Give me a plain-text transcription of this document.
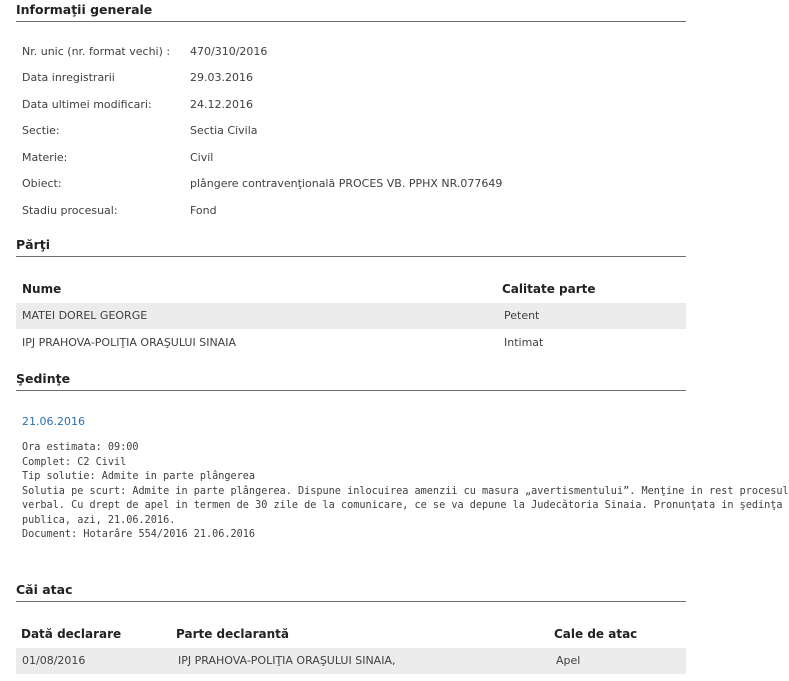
Informaţii generale
Nr. unic (nr. format vechi) : 470/310/2016
Data inregistrarii	29.03.2016
Data ultimei modificari:	24.12.2016
Sectie:	Sectia Civila
Materie:	Civil
Obiect:	plângere contravenţională PROCES VB. PPHX NR.077649
Stadiu procesual:	Fond
Părţi
Nume	Calitate parte
MATEI DOREL GEORGE	Petent
IPJ PRAHOVA-POLIŢIA ORAŞULUI SINAIA	Intimat
Şedinţe
21.06.2016
Ora estimata: 09:00
Complet: C2 Civil
Tip solutie: Admite in parte plângerea
Solutia pe scurt: Admite in parte plângerea. Dispune inlocuirea amenzii cu masura „avertismentului”. Menţine in rest procesul
verbal. Cu drept de apel in termen de 30 zile de la comunicare, ce se va depune la Judecătoria Sinaia. Pronunţata in şedinţa
publica, azi, 21.06.2016.
Document: Hotarâre 554/2016 21.06.2016
Căi atac
Dată declarare	Parte declarantă	Cale de atac
01/08/2016	IPJ PRAHOVA-POLIŢIA ORAŞULUI SINAIA,	Apel
